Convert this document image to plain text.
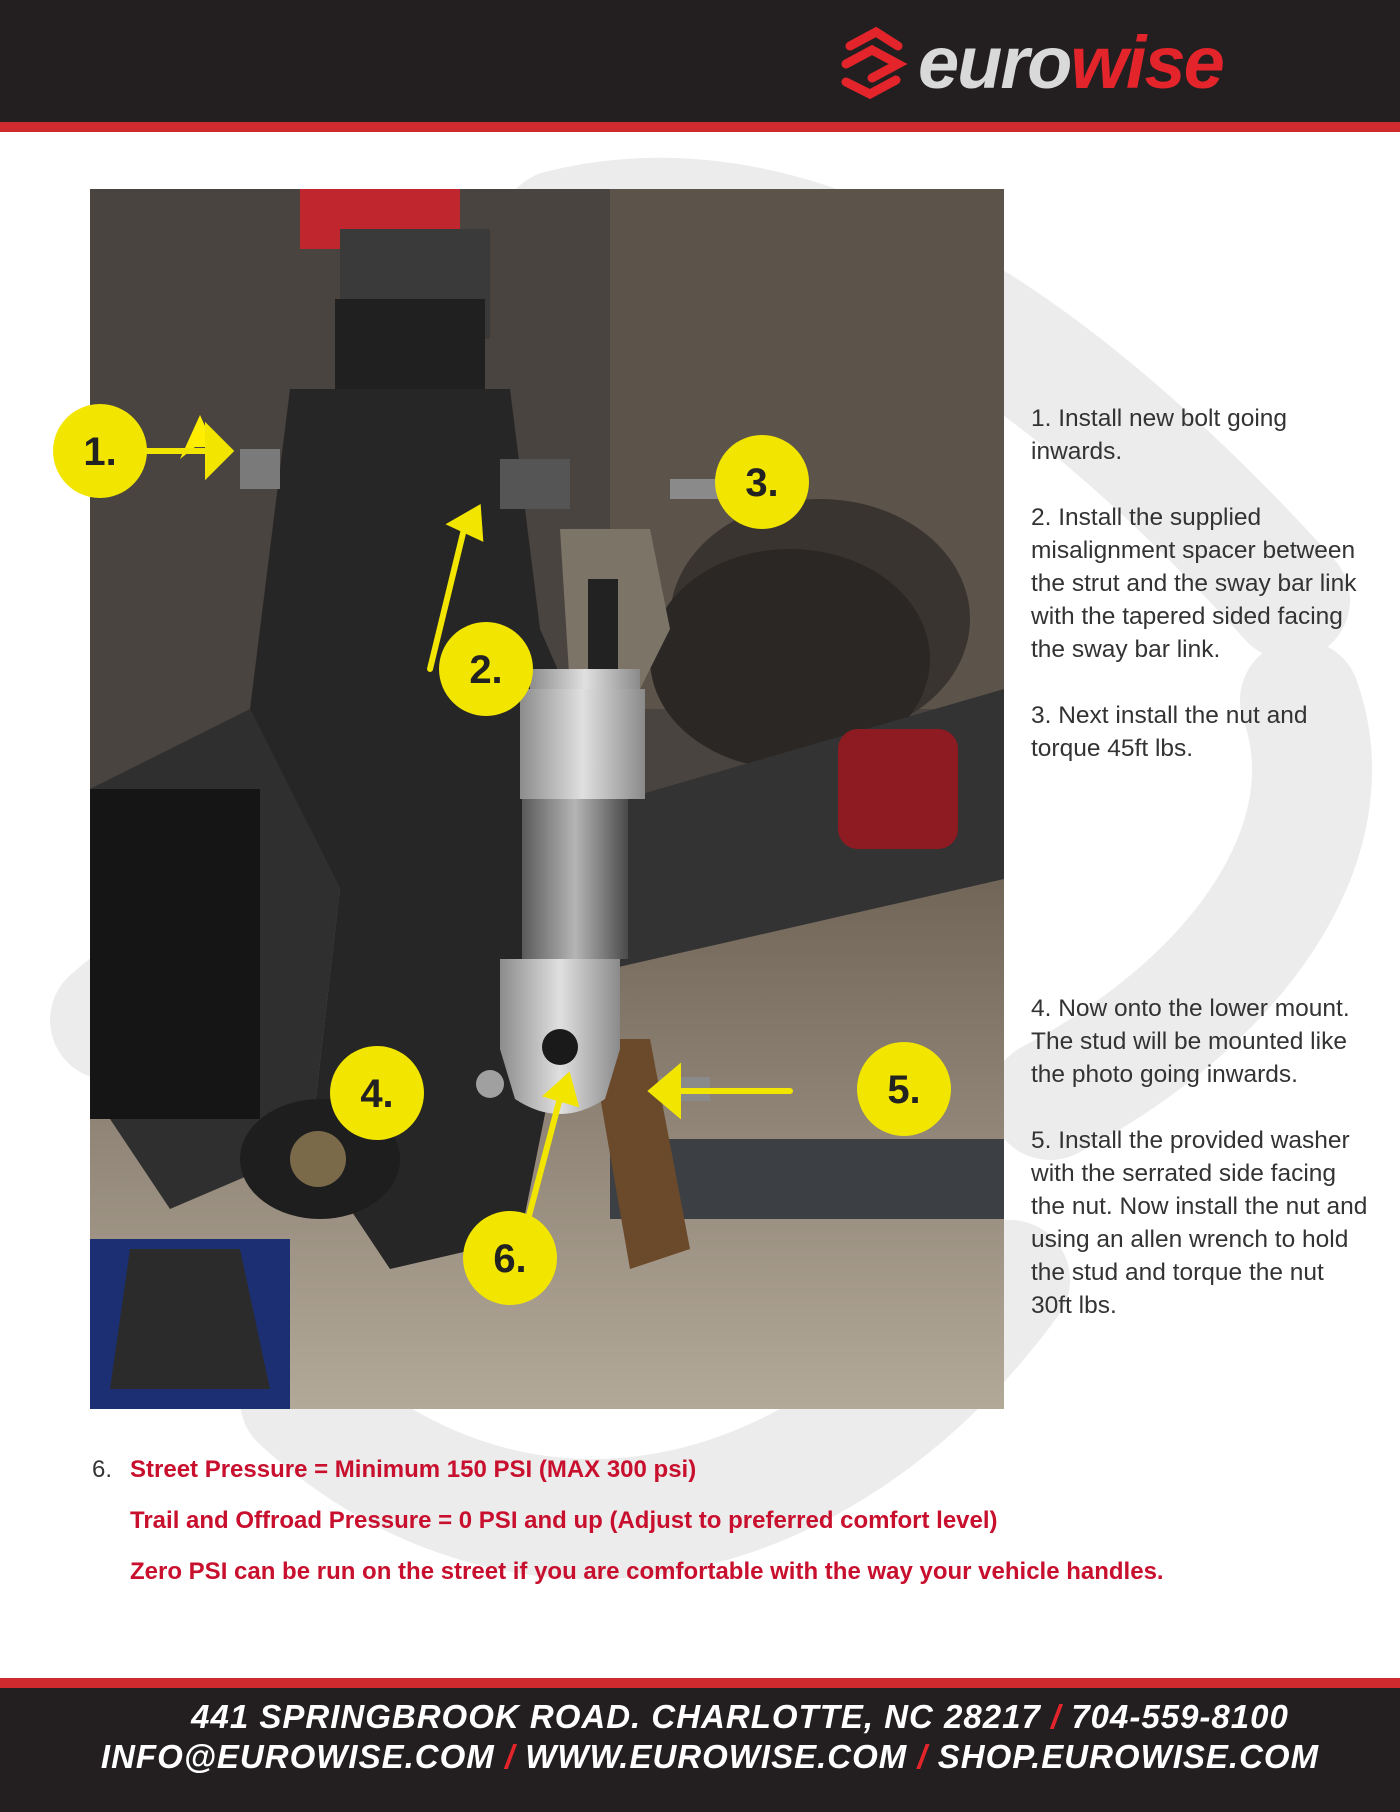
eurowise
1.
2.
3.
4.	5.
6.

1. Install new bolt going inwards.

2. Install the supplied misalignment spacer between the strut and the sway bar link with the tapered sided facing the sway bar link.

3. Next install the nut and torque 45ft lbs.

4. Now onto the lower mount. The stud will be mounted like the photo going inwards.

5. Install the provided washer with the serrated side facing the nut. Now install the nut and using an allen wrench to hold the stud and torque the nut 30ft lbs.

6. Street Pressure = Minimum 150 PSI (MAX 300 psi)
Trail and Offroad Pressure = 0 PSI and up (Adjust to preferred comfort level)
Zero PSI can be run on the street if you are comfortable with the way your vehicle handles.
441 SPRINGBROOK ROAD. CHARLOTTE, NC 28217 / 704-559-8100
INFO@EUROWISE.COM / WWW.EUROWISE.COM / SHOP.EUROWISE.COM
